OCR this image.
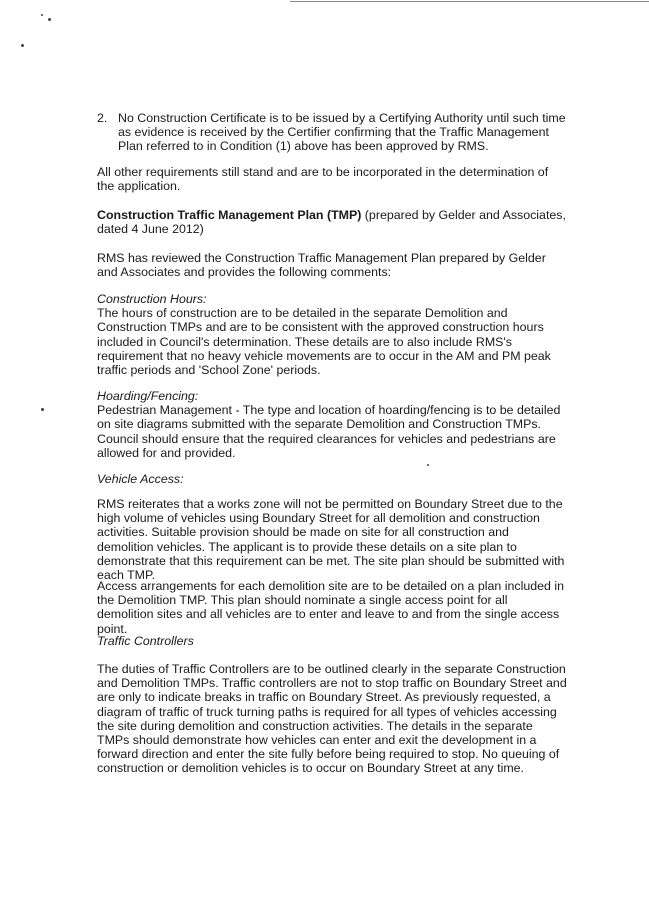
2. No Construction Certificate is to be issued by a Certifying Authority until such time as evidence is received by the Certifier confirming that the Traffic Management Plan referred to in Condition (1) above has been approved by RMS.

All other requirements still stand and are to be incorporated in the determination of the application.

Construction Traffic Management Plan (TMP) (prepared by Gelder and Associates, dated 4 June 2012)

RMS has reviewed the Construction Traffic Management Plan prepared by Gelder and Associates and provides the following comments:

Construction Hours:

The hours of construction are to be detailed in the separate Demolition and Construction TMPs and are to be consistent with the approved construction hours included in Council's determination. These details are to also include RMS's requirement that no heavy vehicle movements are to occur in the AM and PM peak traffic periods and 'School Zone' periods.

Hoarding/Fencing:

Pedestrian Management - The type and location of hoarding/fencing is to be detailed on site diagrams submitted with the separate Demolition and Construction TMPs. Council should ensure that the required clearances for vehicles and pedestrians are allowed for and provided.

Vehicle Access:

RMS reiterates that a works zone will not be permitted on Boundary Street due to the high volume of vehicles using Boundary Street for all demolition and construction activities. Suitable provision should be made on site for all construction and demolition vehicles. The applicant is to provide these details on a site plan to demonstrate that this requirement can be met. The site plan should be submitted with each TMP.

Access arrangements for each demolition site are to be detailed on a plan included in the Demolition TMP. This plan should nominate a single access point for all demolition sites and all vehicles are to enter and leave to and from the single access point.

Traffic Controllers

The duties of Traffic Controllers are to be outlined clearly in the separate Construction and Demolition TMPs. Traffic controllers are not to stop traffic on Boundary Street and are only to indicate breaks in traffic on Boundary Street. As previously requested, a diagram of traffic of truck turning paths is required for all types of vehicles accessing the site during demolition and construction activities. The details in the separate TMPs should demonstrate how vehicles can enter and exit the development in a forward direction and enter the site fully before being required to stop. No queuing of construction or demolition vehicles is to occur on Boundary Street at any time.
